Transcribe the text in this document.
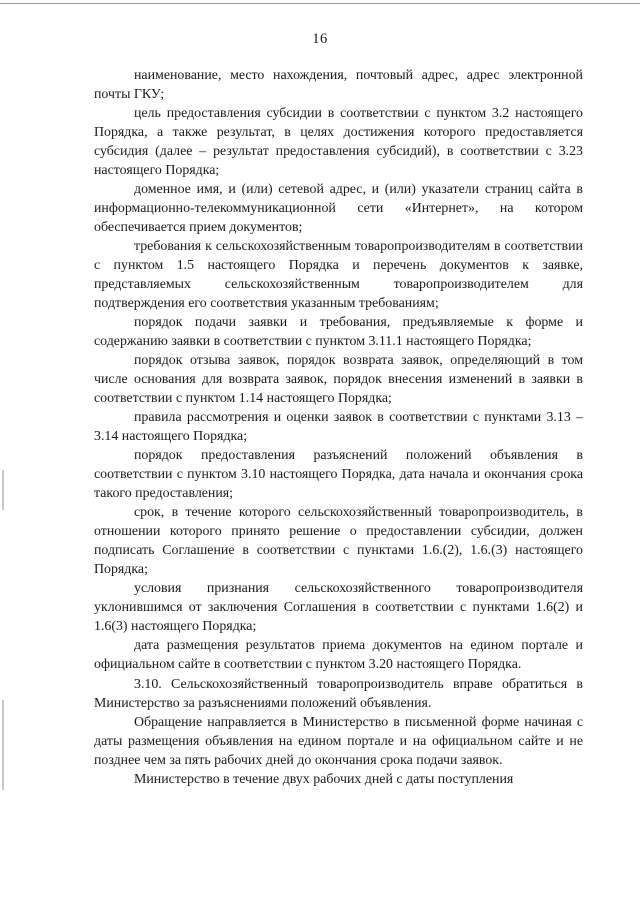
16

наименование, место нахождения, почтовый адрес, адрес электронной почты ГКУ;

цель предоставления субсидии в соответствии с пунктом 3.2 настоящего Порядка, а также результат, в целях достижения которого предоставляется субсидия (далее – результат предоставления субсидий), в соответствии с 3.23 настоящего Порядка;

доменное имя, и (или) сетевой адрес, и (или) указатели страниц сайта в информационно-телекоммуникационной сети «Интернет», на котором обеспечивается прием документов;

требования к сельскохозяйственным товаропроизводителям в соответствии с пунктом 1.5 настоящего Порядка и перечень документов к заявке, представляемых сельскохозяйственным товаропроизводителем для подтверждения его соответствия указанным требованиям;

порядок подачи заявки и требования, предъявляемые к форме и содержанию заявки в соответствии с пунктом 3.11.1 настоящего Порядка;

порядок отзыва заявок, порядок возврата заявок, определяющий в том числе основания для возврата заявок, порядок внесения изменений в заявки в соответствии с пунктом 1.14 настоящего Порядка;

правила рассмотрения и оценки заявок в соответствии с пунктами 3.13 – 3.14 настоящего Порядка;

порядок предоставления разъяснений положений объявления в соответствии с пунктом 3.10 настоящего Порядка, дата начала и окончания срока такого предоставления;

срок, в течение которого сельскохозяйственный товаропроизводитель, в отношении которого принято решение о предоставлении субсидии, должен подписать Соглашение в соответствии с пунктами 1.6.(2), 1.6.(3) настоящего Порядка;

условия признания сельскохозяйственного товаропроизводителя уклонившимся от заключения Соглашения в соответствии с пунктами 1.6(2) и 1.6(3) настоящего Порядка;

дата размещения результатов приема документов на едином портале и официальном сайте в соответствии с пунктом 3.20 настоящего Порядка.

3.10. Сельскохозяйственный товаропроизводитель вправе обратиться в Министерство за разъяснениями положений объявления.

Обращение направляется в Министерство в письменной форме начиная с даты размещения объявления на едином портале и на официальном сайте и не позднее чем за пять рабочих дней до окончания срока подачи заявок.

Министерство в течение двух рабочих дней с даты поступления
